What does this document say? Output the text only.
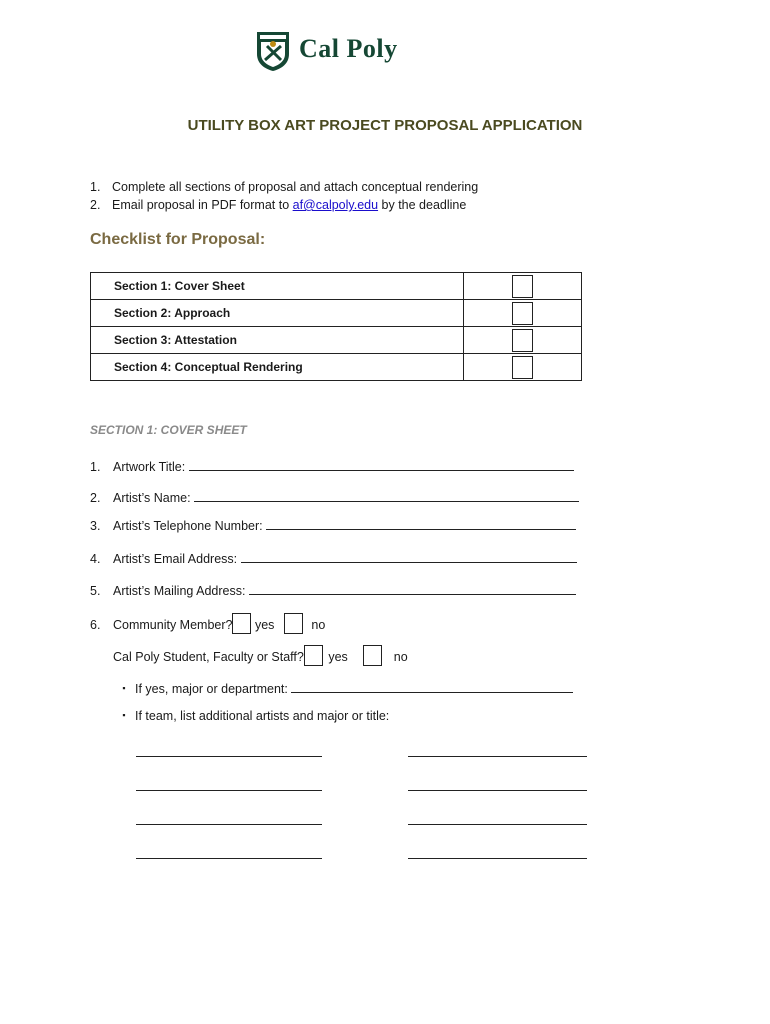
Cal Poly
UTILITY BOX ART PROJECT PROPOSAL APPLICATION
1. Complete all sections of proposal and attach conceptual rendering
2. Email proposal in PDF format to af@calpoly.edu by the deadline
Checklist for Proposal:
Section 1: Cover Sheet	
Section 2: Approach	
Section 3: Attestation	
Section 4: Conceptual Rendering	
SECTION 1: COVER SHEET
1. Artwork Title:
2. Artist’s Name:
3. Artist’s Telephone Number:
4. Artist’s Email Address:
5. Artist’s Mailing Address:
6. Community Member? yes	no
Cal Poly Student, Faculty or Staff? yes	no
▪ If yes, major or department:
▪ If team, list additional artists and major or title:
